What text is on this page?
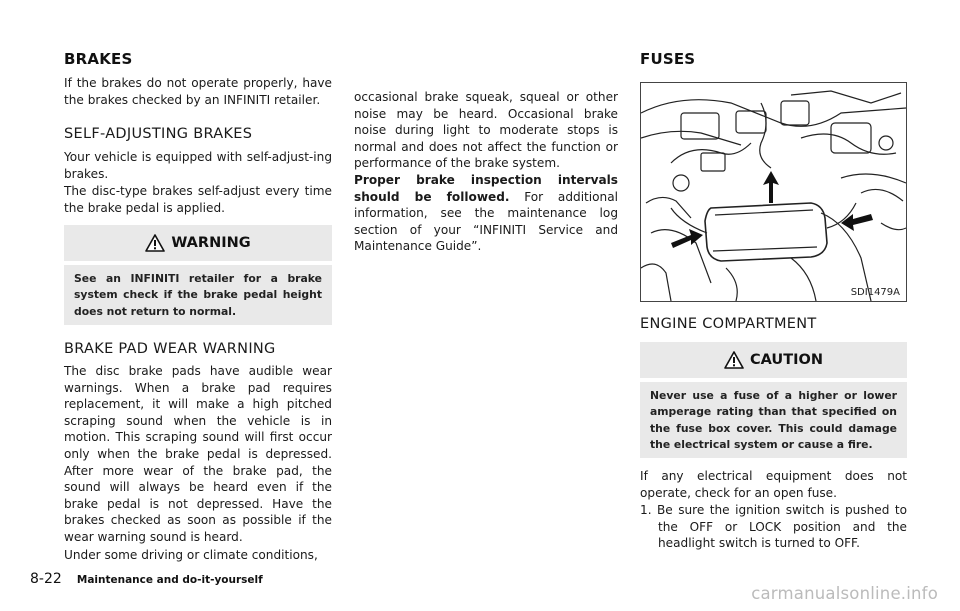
BRAKES

If the brakes do not operate properly, have the brakes checked by an INFINITI retailer.

SELF-ADJUSTING BRAKES

Your vehicle is equipped with self-adjust-ing brakes.

The disc-type brakes self-adjust every time the brake pedal is applied.

WARNING
See an INFINITI retailer for a brake system check if the brake pedal height does not return to normal.
BRAKE PAD WEAR WARNING

The disc brake pads have audible wear warnings. When a brake pad requires replacement, it will make a high pitched scraping sound when the vehicle is in motion. This scraping sound will first occur only when the brake pedal is depressed. After more wear of the brake pad, the sound will always be heard even if the brake pedal is not depressed. Have the brakes checked as soon as possible if the wear warning sound is heard.

Under some driving or climate conditions,

occasional brake squeak, squeal or other noise may be heard. Occasional brake noise during light to moderate stops is normal and does not affect the function or performance of the brake system.

Proper brake inspection intervals should be followed. For additional information, see the maintenance log section of your “INFINITI Service and Maintenance Guide”.

FUSES
SDI1479A
ENGINE COMPARTMENT
CAUTION
Never use a fuse of a higher or lower amperage rating than that specified on the fuse box cover. This could damage the electrical system or cause a fire.

If any electrical equipment does not operate, check for an open fuse.

1. Be sure the ignition switch is pushed to the OFF or LOCK position and the headlight switch is turned to OFF.
8-22 Maintenance and do-it-yourself
carmanualsonline.info
